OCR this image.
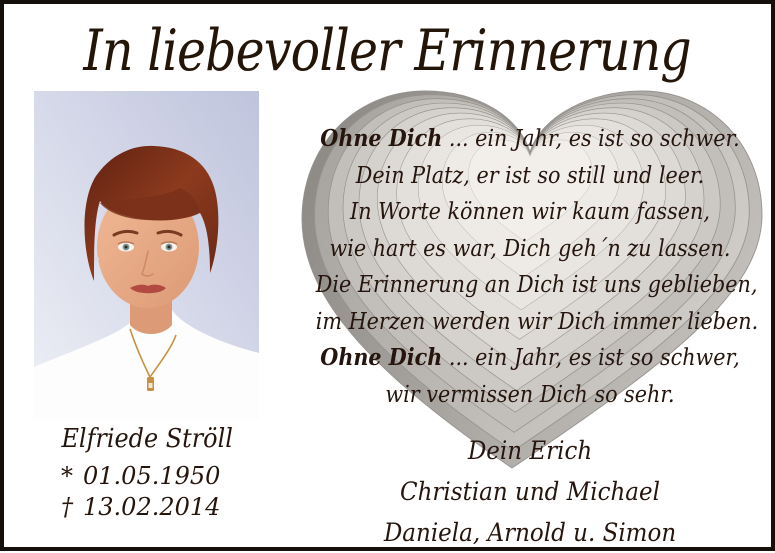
In liebevoller Erinnerung
Ohne Dich ... ein Jahr, es ist so schwer.
Dein Platz, er ist so still und leer.
In Worte können wir kaum fassen,
wie hart es war, Dich geh´n zu lassen.
Die Erinnerung an Dich ist uns geblieben,
im Herzen werden wir Dich immer lieben.
Ohne Dich ... ein Jahr, es ist so schwer,
wir vermissen Dich so sehr.
Elfriede Ströll
* 01.05.1950
† 13.02.2014
Dein Erich
Christian und Michael
Daniela, Arnold u. Simon
